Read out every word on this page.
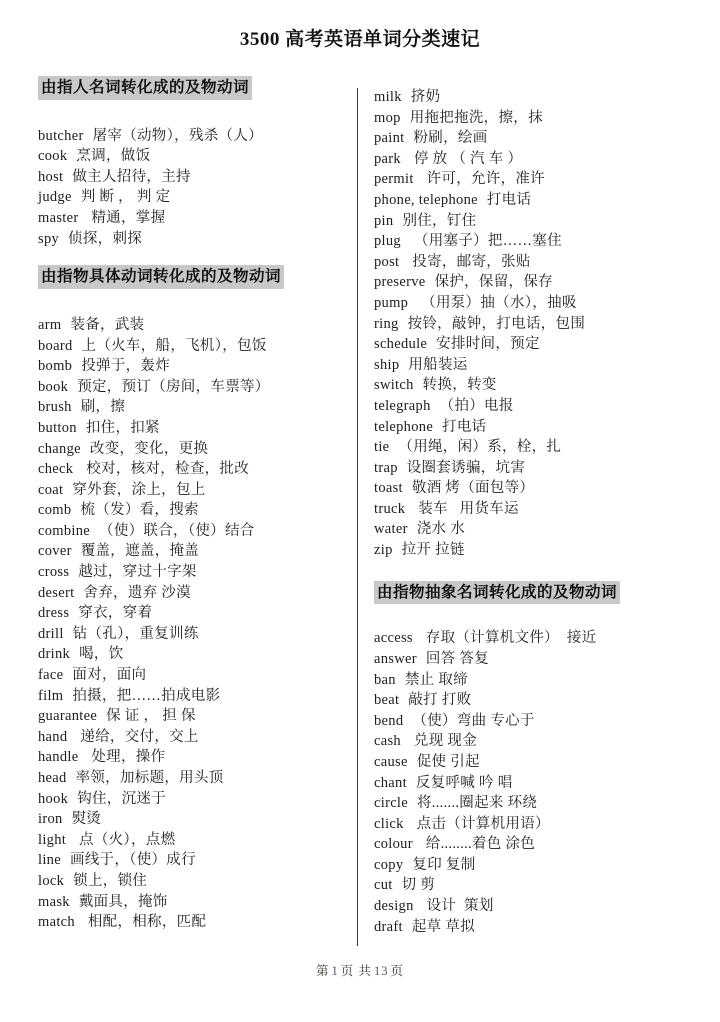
3500 高考英语单词分类速记
由指人名词转化成的及物动词
butcher 屠宰（动物），残杀（人）
cook 烹调，做饭
host 做主人招待，主持
judge 判 断 ， 判 定
master 精通，掌握
spy 侦探，刺探
由指物具体动词转化成的及物动词
arm 装备，武装
board 上（火车，船，飞机），包饭
bomb 投弹于，轰炸
book 预定，预订（房间，车票等）
brush 刷，擦
button 扣住，扣紧
change 改变，变化，更换
check 校对，核对，检查，批改
coat 穿外套，涂上，包上
comb 梳（发）看，搜索
combine （使）联合，（使）结合
cover 覆盖，遮盖，掩盖
cross 越过，穿过十字架
desert 舍弃，遗弃 沙漠
dress 穿衣，穿着
drill 钻（孔），重复训练
drink 喝，饮
face 面对，面向
film 拍摄，把……拍成电影
guarantee 保 证 ， 担 保
hand 递给，交付，交上
handle 处理，操作
head 率领，加标题，用头顶
hook 钩住，沉迷于
iron 熨烫
light 点（火），点燃
line 画线于，（使）成行
lock 锁上，锁住
mask 戴面具，掩饰
match 相配，相称，匹配
milk 挤奶
mop 用拖把拖洗，擦，抹
paint 粉刷，绘画
park 停 放 （ 汽 车 ）
permit 许可，允许，准许
phone, telephone 打电话
pin 别住，钉住
plug （用塞子）把……塞住
post 投寄，邮寄，张贴
preserve 保护，保留，保存
pump （用泵）抽（水），抽吸
ring 按铃，敲钟，打电话，包围
schedule 安排时间，预定
ship 用船装运
switch 转换，转变
telegraph （拍）电报
telephone 打电话
tie （用绳，闲）系，栓，扎
trap 设圈套诱骗，坑害
toast 敬酒 烤（面包等）
truck 装车   用货车运
water 浇水 水
zip 拉开 拉链
由指物抽象名词转化成的及物动词
access 存取（计算机文件）  接近
answer 回答 答复
ban 禁止 取缔
beat 敲打 打败
bend （使）弯曲 专心于
cash 兑现 现金
cause 促使 引起
chant 反复呼喊 吟 唱
circle 将.......圈起来 环绕
click 点击（计算机用语）
colour 给........着色 涂色
copy 复印 复制
cut 切 剪
design 设计  策划
draft 起草 草拟
第 1 页 共 13 页
